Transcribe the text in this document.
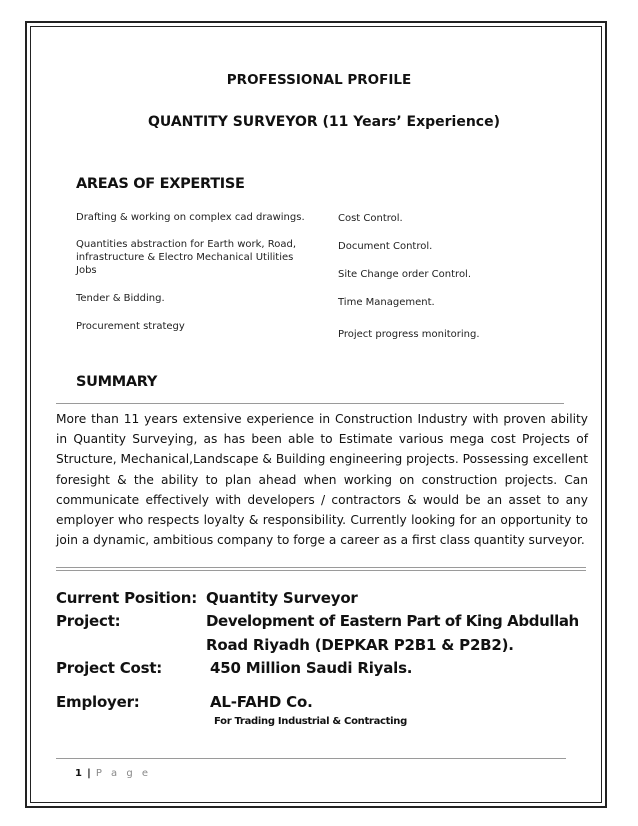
PROFESSIONAL PROFILE
QUANTITY SURVEYOR (11 Years’ Experience)
AREAS OF EXPERTISE
Drafting & working on complex cad drawings.
Quantities abstraction for Earth work, Road,
infrastructure & Electro Mechanical Utilities
Jobs
Tender & Bidding.
Procurement strategy
Cost Control.
Document Control.
Site Change order Control.
Time Management.
Project progress monitoring.
SUMMARY

More than 11 years extensive experience in Construction Industry with proven ability in Quantity Surveying, as has been able to Estimate various mega cost Projects of Structure, Mechanical,Landscape & Building engineering projects. Possessing excellent foresight & the ability to plan ahead when working on construction projects. Can communicate effectively with developers / contractors & would be an asset to any employer who respects loyalty & responsibility. Currently looking for an opportunity to join a dynamic, ambitious company to forge a career as a first class quantity surveyor.

Current Position: Quantity Surveyor
Project:	Development of Eastern Part of King Abdullah
Road Riyadh (DEPKAR P2B1 & P2B2).
Project Cost:	450 Million Saudi Riyals.
Employer:	AL-FAHD Co.
For Trading Industrial & Contracting
1 | P a g e
